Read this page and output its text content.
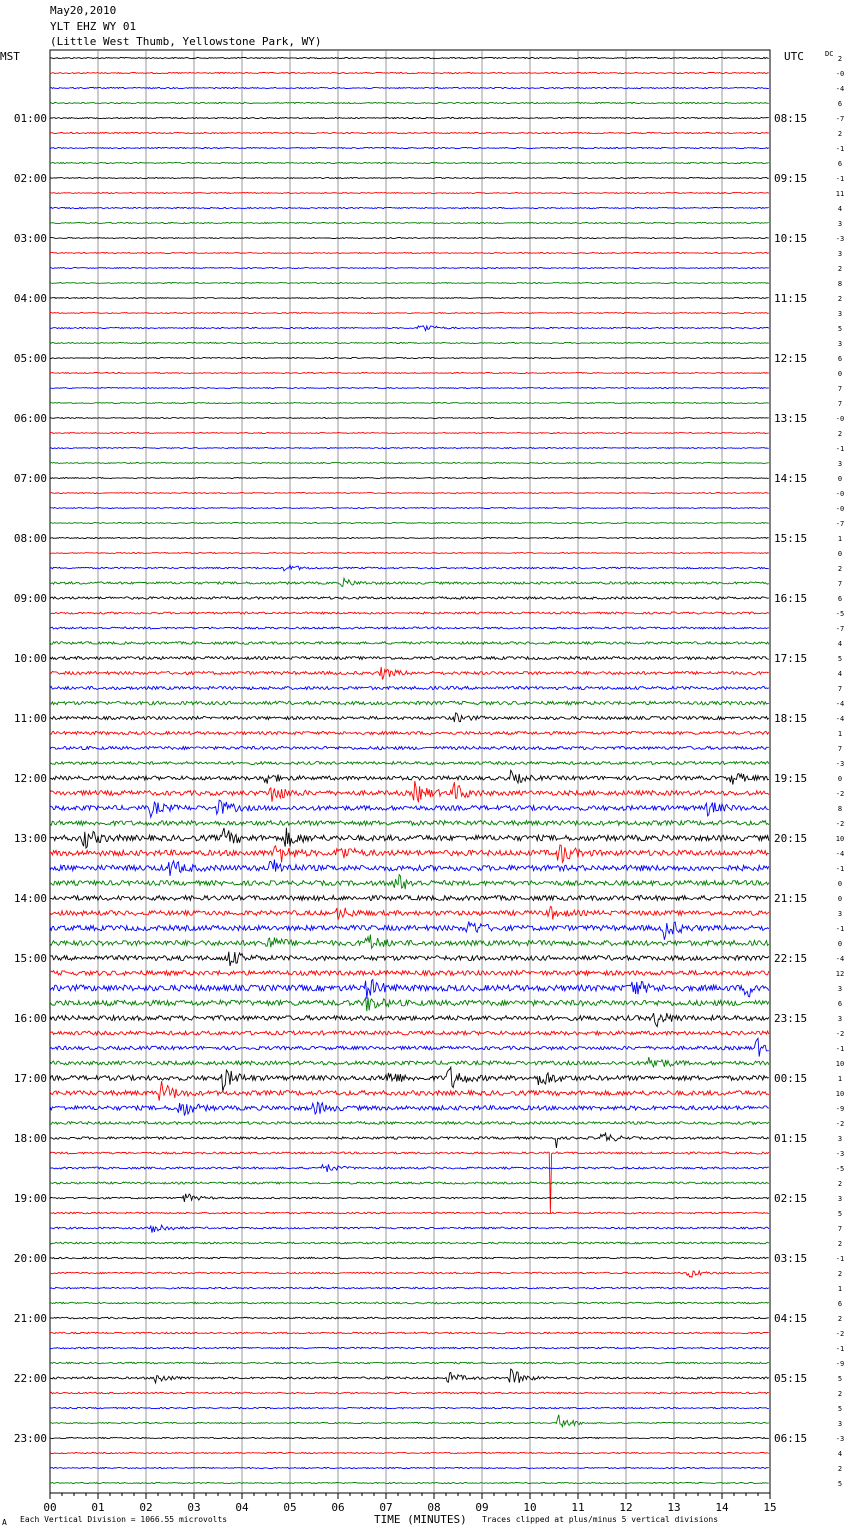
May20,2010
YLT EHZ WY 01
(Little West Thumb, Yellowstone Park, WY)
MST	UTC	DC
00	01	02	03	04	05	06	07	08	09	10	11	12	13	14	15
2
-0
-4
6
-7
01:00	08:15
2
-1
6
-1
02:00	09:15
11
4
3
-3
03:00	10:15
3
2
8
2
04:00	11:15
3
5
3
6
05:00	12:15
0
7
7
-0
06:00	13:15
2
-1
3
0
07:00	14:15
-0
-0
-7
1
08:00	15:15
0
2
7
6
09:00	16:15
-5
-7
4
5
10:00	17:15
4
7
-4
-4
11:00	18:15
1
7
-3
0
12:00	19:15
-2
8
-2
10
13:00	20:15
-4
-1
0
0
14:00	21:15
3
-1
0
-4
15:00	22:15
12
3
6
3
16:00	23:15
-2
-1
10
1
17:00	00:15
10
-9
-2
3
18:00	01:15
-3
-5
2
3
19:00	02:15
5
7
2
-1
20:00	03:15
2
1
6
2
21:00	04:15
-2
-1
-9
5
22:00	05:15
2
5
3
-3
23:00	06:15
4
2
5
A Each Vertical Division = 1066.55 microvolts	TIME (MINUTES) Traces clipped at plus/minus 5 vertical divisions
